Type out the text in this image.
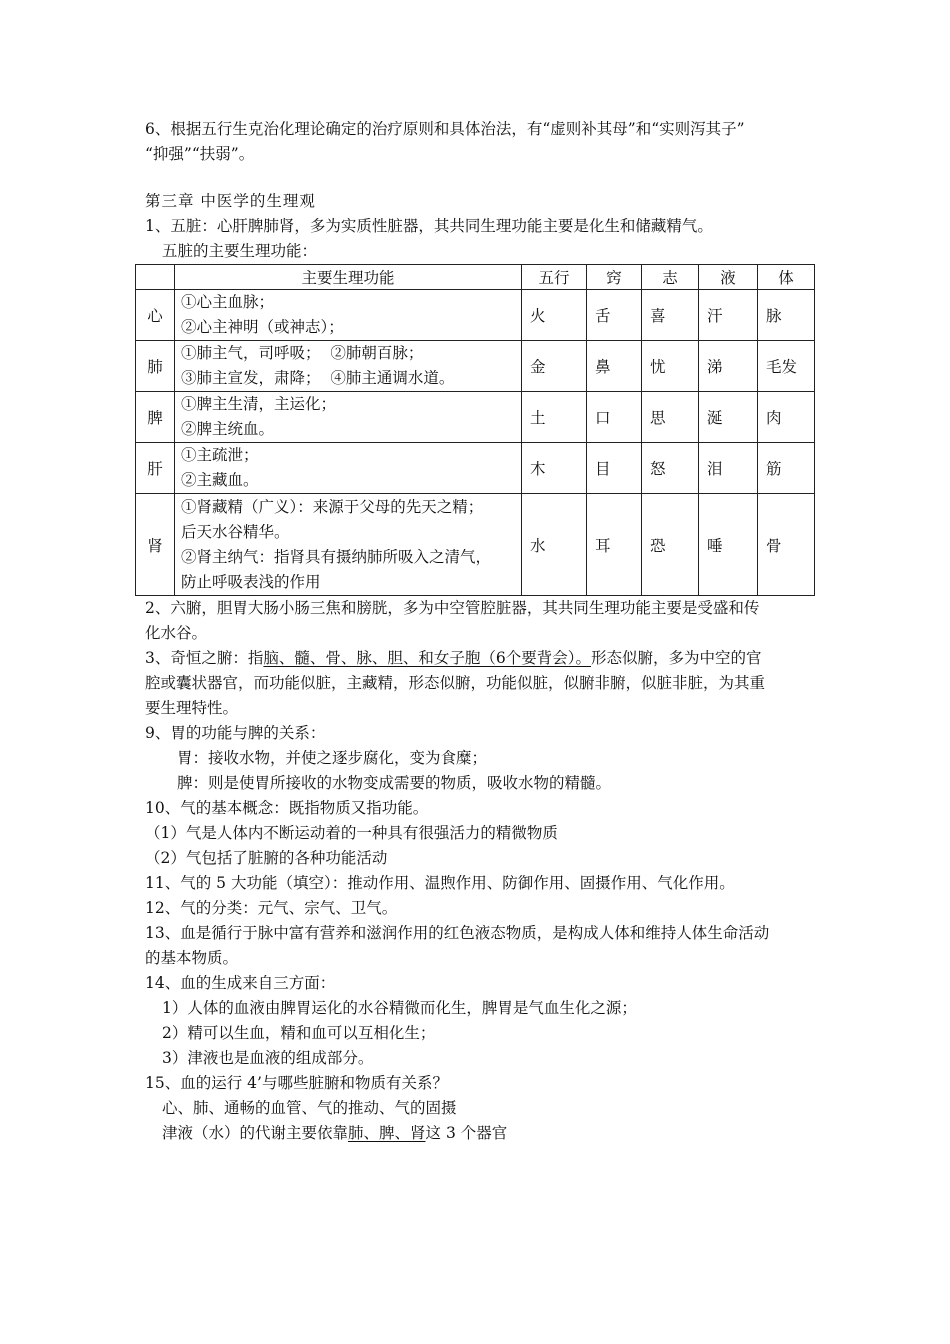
6、根据五行生克治化理论确定的治疗原则和具体治法，有“虚则补其母”和“实则泻其子”
“抑强”“扶弱”。
第三章 中医学的生理观
1、五脏：心肝脾肺肾，多为实质性脏器，其共同生理功能主要是化生和储藏精气。
五脏的主要生理功能：
	主要生理功能	五行	窍	志	液	体
心	①心主血脉；
②心主神明（或神志）；	火	舌	喜	汗	脉
肺	①肺主气，司呼吸；  ②肺朝百脉；
③肺主宣发，肃降；  ④肺主通调水道。	金	鼻	忧	涕	毛发
脾	①脾主生清，主运化；
②脾主统血。	土	口	思	涎	肉
肝	①主疏泄；
②主藏血。	木	目	怒	泪	筋
肾	①肾藏精（广义）：来源于父母的先天之精；
后天水谷精华。
②肾主纳气：指肾具有摄纳肺所吸入之清气，
防止呼吸表浅的作用	水	耳	恐	唾	骨
2、六腑，胆胃大肠小肠三焦和膀胱，多为中空管腔脏器，其共同生理功能主要是受盛和传
化水谷。
3、奇恒之腑：指脑、髓、骨、脉、胆、和女子胞（6个要背会）。形态似腑，多为中空的官
腔或囊状器官，而功能似脏，主藏精，形态似腑，功能似脏，似腑非腑，似脏非脏，为其重
要生理特性。
9、胃的功能与脾的关系：
胃：接收水物，并使之逐步腐化，变为食糜；
脾：则是使胃所接收的水物变成需要的物质，吸收水物的精髓。
10、气的基本概念：既指物质又指功能。
（1）气是人体内不断运动着的一种具有很强活力的精微物质
（2）气包括了脏腑的各种功能活动
11、气的 5 大功能（填空）：推动作用、温煦作用、防御作用、固摄作用、气化作用。
12、气的分类：元气、宗气、卫气。
13、血是循行于脉中富有营养和滋润作用的红色液态物质，是构成人体和维持人体生命活动
的基本物质。
14、血的生成来自三方面：
1）人体的血液由脾胃运化的水谷精微而化生，脾胃是气血生化之源；
2）精可以生血，精和血可以互相化生；
3）津液也是血液的组成部分。
15、血的运行 4’与哪些脏腑和物质有关系？
心、肺、通畅的血管、气的推动、气的固摄
津液（水）的代谢主要依靠肺、脾、肾这 3 个器官
